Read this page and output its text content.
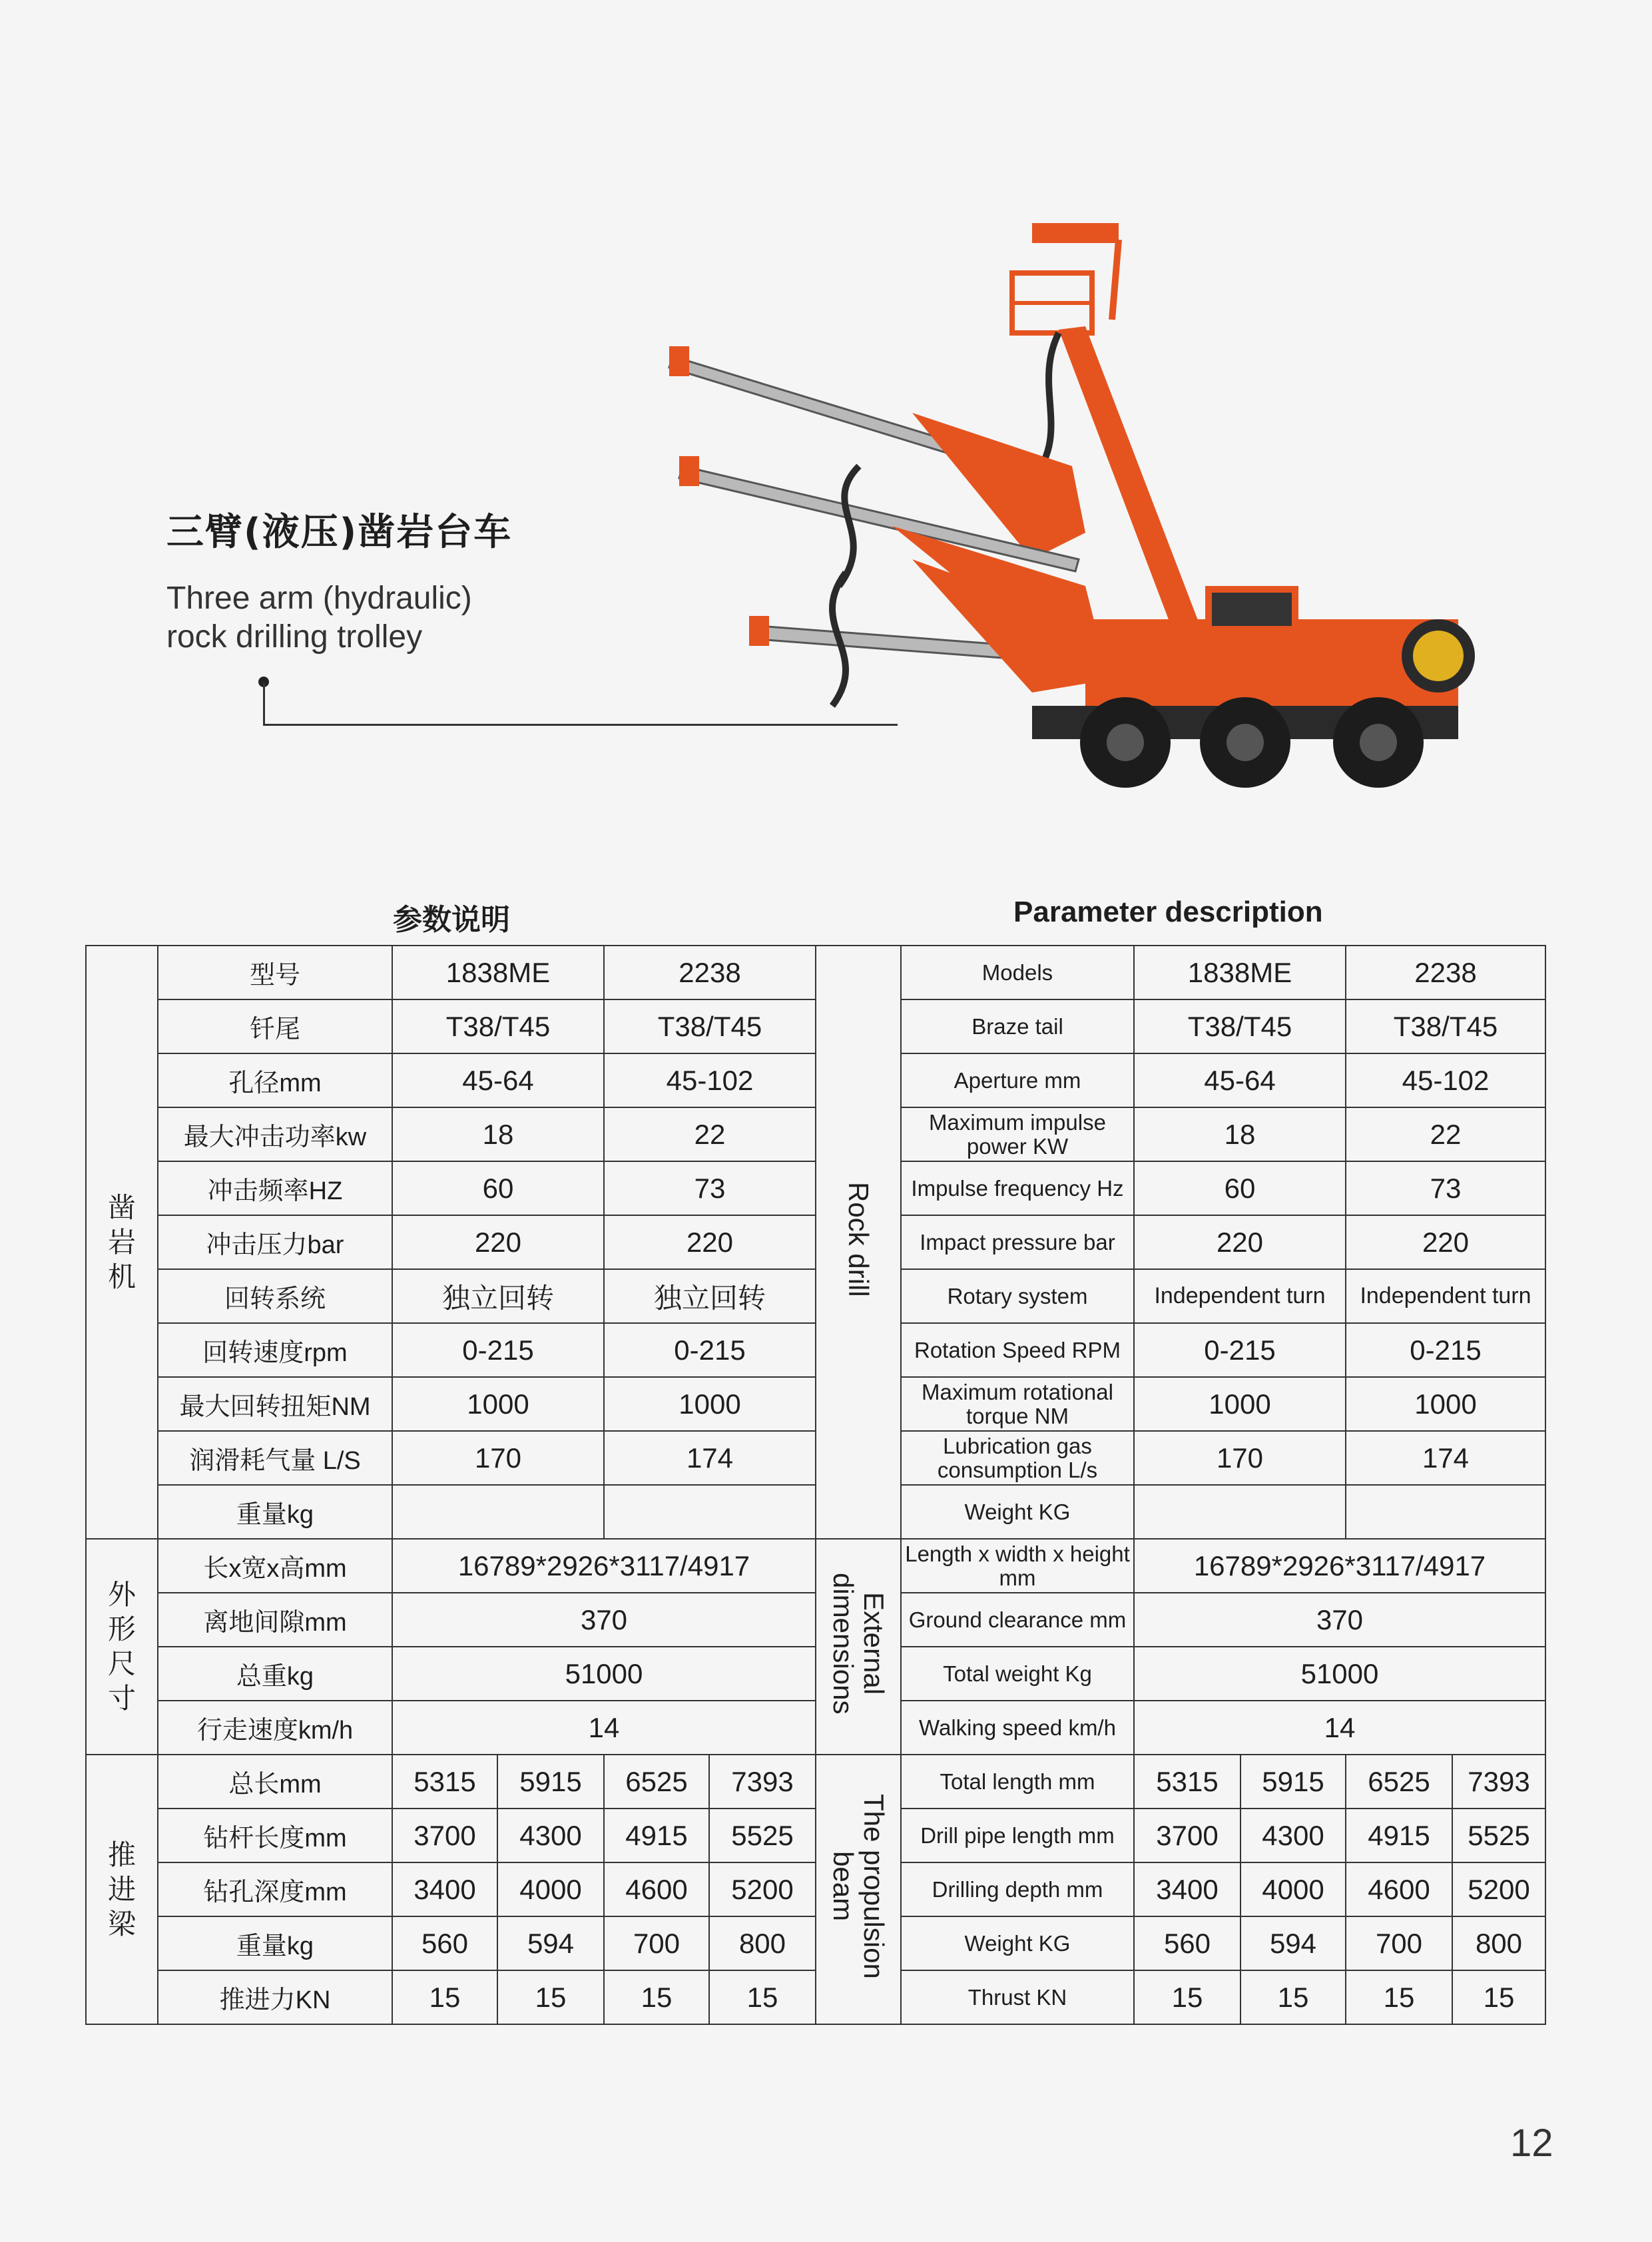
三臂(液压)凿岩台车
Three arm (hydraulic)
rock drilling trolley
参数说明	Parameter description
凿岩机	型号	1838ME		2238	
	钎尾	T38/T45		T38/T45	
	孔径mm	45-64		45-102	
	最大冲击功率kw	18		22	
	冲击频率HZ	60		73	
	冲击压力bar	220		220	
	回转系统	独立回转		独立回转	
	回转速度rpm	0-215		0-215	
	最大回转扭矩NM	1000		1000	
	润滑耗气量 L/S	170		174	
	重量kg				
外形尺寸	长x宽x高mm	16789*2926*3117/4917			
	离地间隙mm	370			
	总重kg	51000			
	行走速度km/h	14			
推进梁	总长mm	5315	5915	6525	7393
	钻杆长度mm	3700	4300	4915	5525
	钻孔深度mm	3400	4000	4600	5200
	重量kg	560	594	700	800
	推进力KN	15	15	15	15
Rock drill	Models	1838ME		2238	
	Braze tail	T38/T45		T38/T45	
	Aperture mm	45-64		45-102	
	Maximum impulse power KW	18		22	
	Impulse frequency Hz	60		73	
	Impact pressure bar	220		220	
	Rotary system	Independent turn		Independent turn	
	Rotation Speed RPM	0-215		0-215	
	Maximum rotational torque NM	1000		1000	
	Lubrication gas consumption L/s	170		174	
	Weight KG				
External
dimensions	Length x width x height mm	16789*2926*3117/4917			
	Ground clearance mm	370			
	Total weight Kg	51000			
	Walking speed km/h	14			
The propulsion
beam	Total length mm	5315	5915	6525	7393
	Drill pipe length mm	3700	4300	4915	5525
	Drilling depth mm	3400	4000	4600	5200
	Weight KG	560	594	700	800
	Thrust KN	15	15	15	15
12
